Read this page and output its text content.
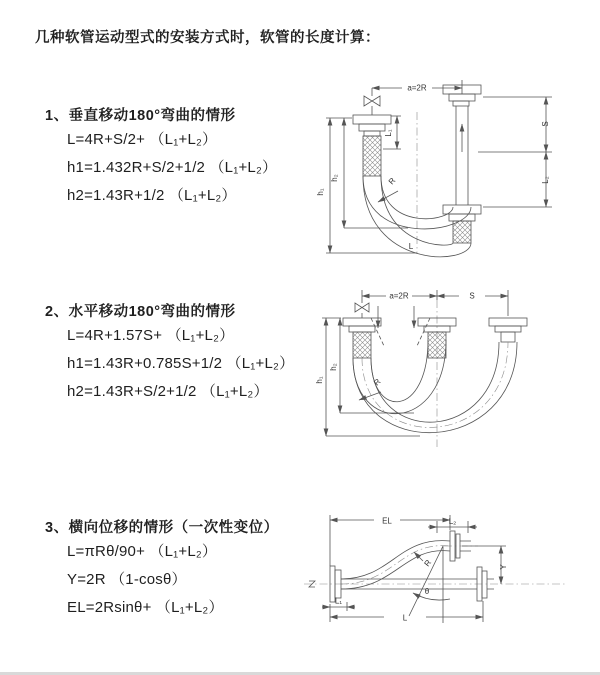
几种软管运动型式的安装方式时，软管的长度计算：
1、垂直移动180°弯曲的情形
L=4R+S/2+ （L₁+L₂）
h1=1.432R+S/2+1/2 （L₁+L₂）
h2=1.43R+1/2 （L₁+L₂）
2、水平移动180°弯曲的情形
L=4R+1.57S+ （L₁+L₂）
h1=1.43R+0.785S+1/2 （L₁+L₂）
h2=1.43R+S/2+1/2 （L₁+L₂）
3、横向位移的情形（一次性变位）
L=πRθ/90+ （L₁+L₂）
Y=2R （1-cosθ）
EL=2Rsinθ+ （L₁+L₂）
a=2R
h₁
h₂
L₁
S
L₂
R
L
a=2R	S
h₁
h₂
R
EL	L₂
Y
θ
R
L₁
L
